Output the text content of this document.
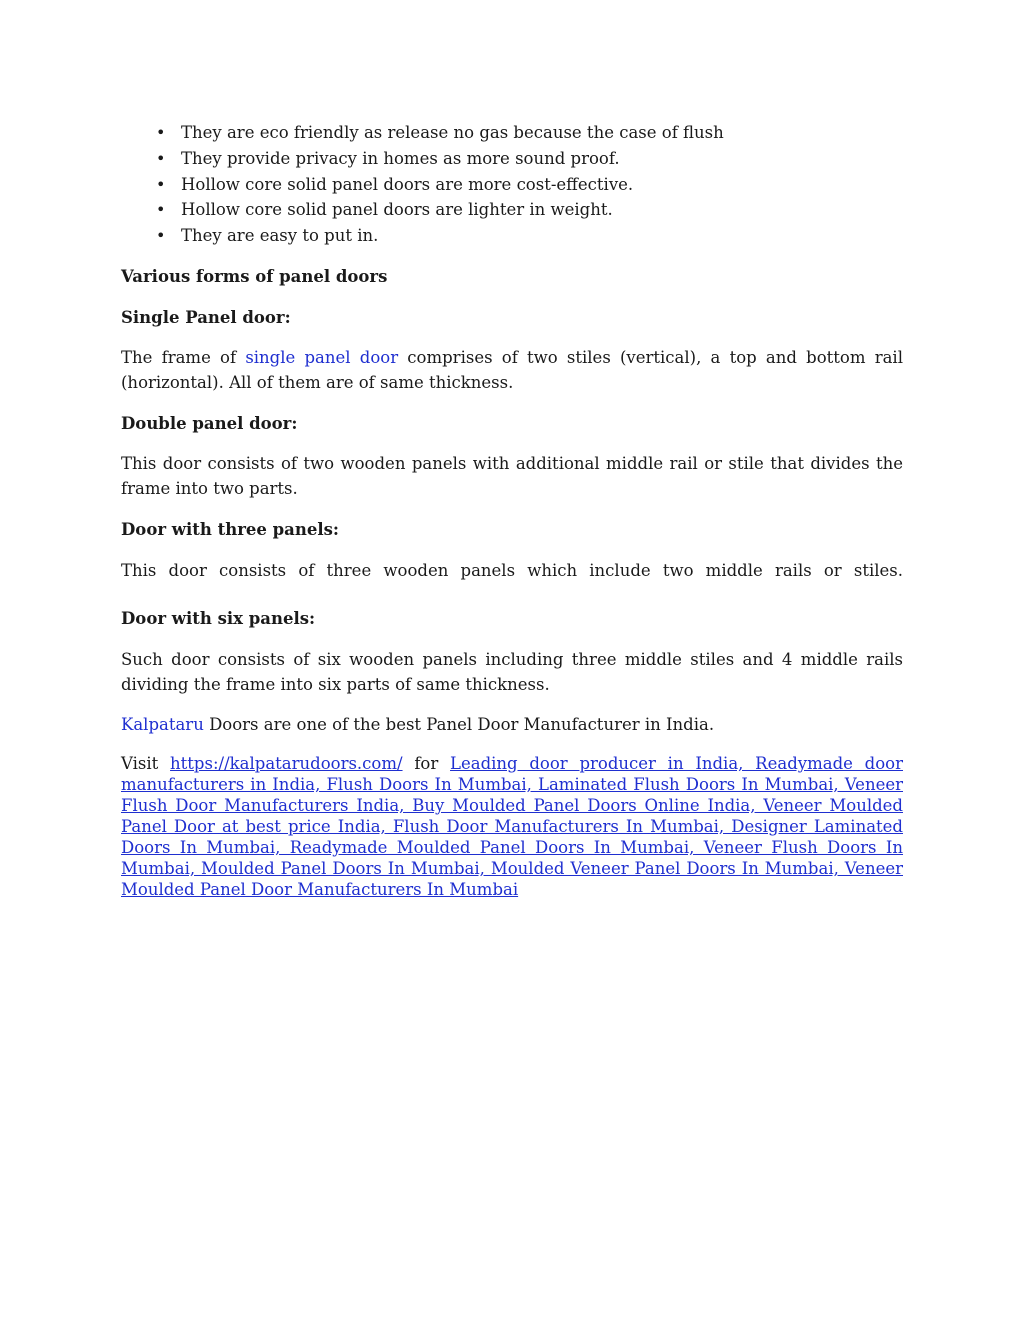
• They are eco friendly as release no gas because the case of flush
• They provide privacy in homes as more sound proof.
• Hollow core solid panel doors are more cost-effective.
• Hollow core solid panel doors are lighter in weight.
• They are easy to put in.

Various forms of panel doors

Single Panel door:

The frame of single panel door comprises of two stiles (vertical), a top and bottom rail (horizontal). All of them are of same thickness.

Double panel door:

This door consists of two wooden panels with additional middle rail or stile that divides the frame into two parts.

Door with three panels:

This door consists of three wooden panels which include two middle rails or stiles.

Door with six panels:

Such door consists of six wooden panels including three middle stiles and 4 middle rails dividing the frame into six parts of same thickness.

Kalpataru Doors are one of the best Panel Door Manufacturer in India.

Visit https://kalpatarudoors.com/ for Leading door producer in India, Readymade door manufacturers in India, Flush Doors In Mumbai, Laminated Flush Doors In Mumbai, Veneer Flush Door Manufacturers India, Buy Moulded Panel Doors Online India, Veneer Moulded Panel Door at best price India, Flush Door Manufacturers In Mumbai, Designer Laminated Doors In Mumbai, Readymade Moulded Panel Doors In Mumbai, Veneer Flush Doors In Mumbai, Moulded Panel Doors In Mumbai, Moulded Veneer Panel Doors In Mumbai, Veneer Moulded Panel Door Manufacturers In Mumbai
